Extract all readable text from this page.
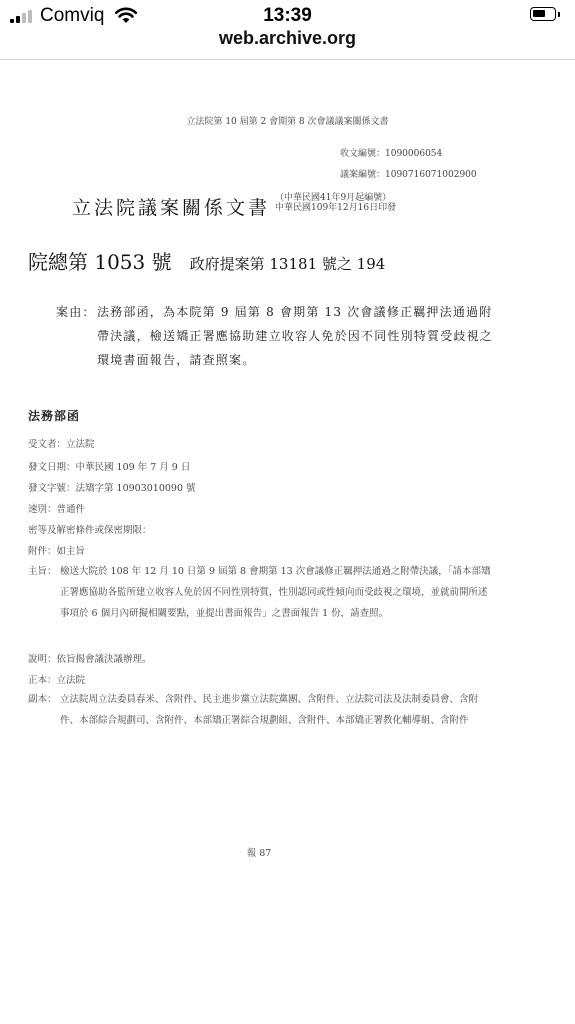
Comviq	13:39
web.archive.org
立法院第 10 屆第 2 會期第 8 次會議議案關係文書
收文編號：1090006054
議案編號：1090716071002900
立法院議案關係文書 （中華民國41年9月起編號）
中華民國109年12月16日印發
院總第 1053 號 政府提案第 13181 號之 194
案由： 法務部函，為本院第 9 屆第 8 會期第 13 次會議修正羈押法通過附帶決議，檢送矯正署應協助建立收容人免於因不同性別特質受歧視之環境書面報告，請查照案。
法務部函
受文者：立法院
發文日期：中華民國 109 年 7 月 9 日
發文字號：法矯字第 10903010090 號
速別：普通件
密等及解密條件或保密期限：
附件：如主旨
主旨： 檢送大院於 108 年 12 月 10 日第 9 屆第 8 會期第 13 次會議修正羈押法通過之附帶決議，「請本部矯正署應協助各監所建立收容人免於因不同性別特質，性別認同或性傾向而受歧視之環境，並就前開所述事項於 6 個月內研擬相關要點，並提出書面報告」之書面報告 1 份，請查照。
說明：依旨揭會議決議辦理。
正本：立法院
副本： 立法院周立法委員春米、含附件、民主進步黨立法院黨團、含附件、立法院司法及法制委員會、含附件、本部綜合規劃司、含附件、本部矯正署綜合規劃組、含附件、本部矯正署教化輔導組、含附件
報 87
